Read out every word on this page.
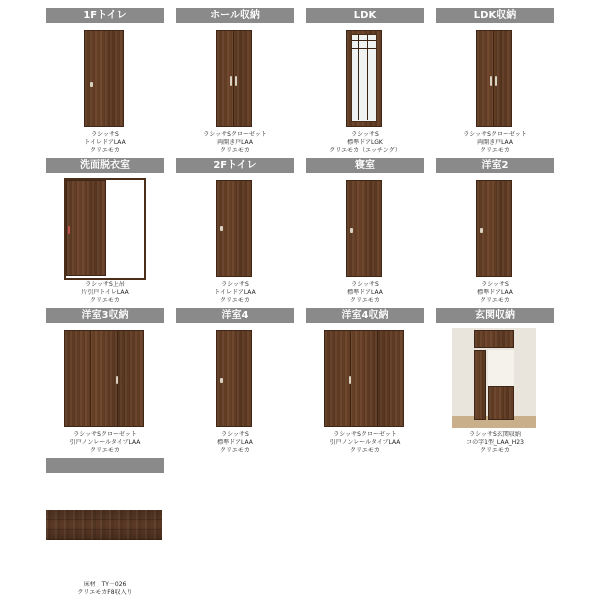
1Fトイレ
ラシッサS
トイレドアLAA
クリエモカ
ホール収納
ラシッサSクローゼット
両開き戸LAA
クリエモカ
LDK
ラシッサS
標準ドアLGK
クリエモカ（エッチング）
LDK収納
ラシッサSクローゼット
両開き戸LAA
クリエモカ
洗面脱衣室
ラシッサS上吊
片引戸トイレLAA
クリエモカ
2Fトイレ
ラシッサS
トイレドアLAA
クリエモカ
寝室
ラシッサS
標準ドアLAA
クリエモカ
洋室2
ラシッサS
標準ドアLAA
クリエモカ
洋室3収納
ラシッサSクローゼット
引戸ノンレールタイプLAA
クリエモカ
洋室4
ラシッサS
標準ドアLAA
クリエモカ
洋室4収納
ラシッサSクローゼット
引戸ノンレールタイプLAA
クリエモカ
玄関収納
ラシッサS玄関収納
コの字1型_LAA_H23
クリエモカ
床材　TY－026
クリエモカF8収入り
